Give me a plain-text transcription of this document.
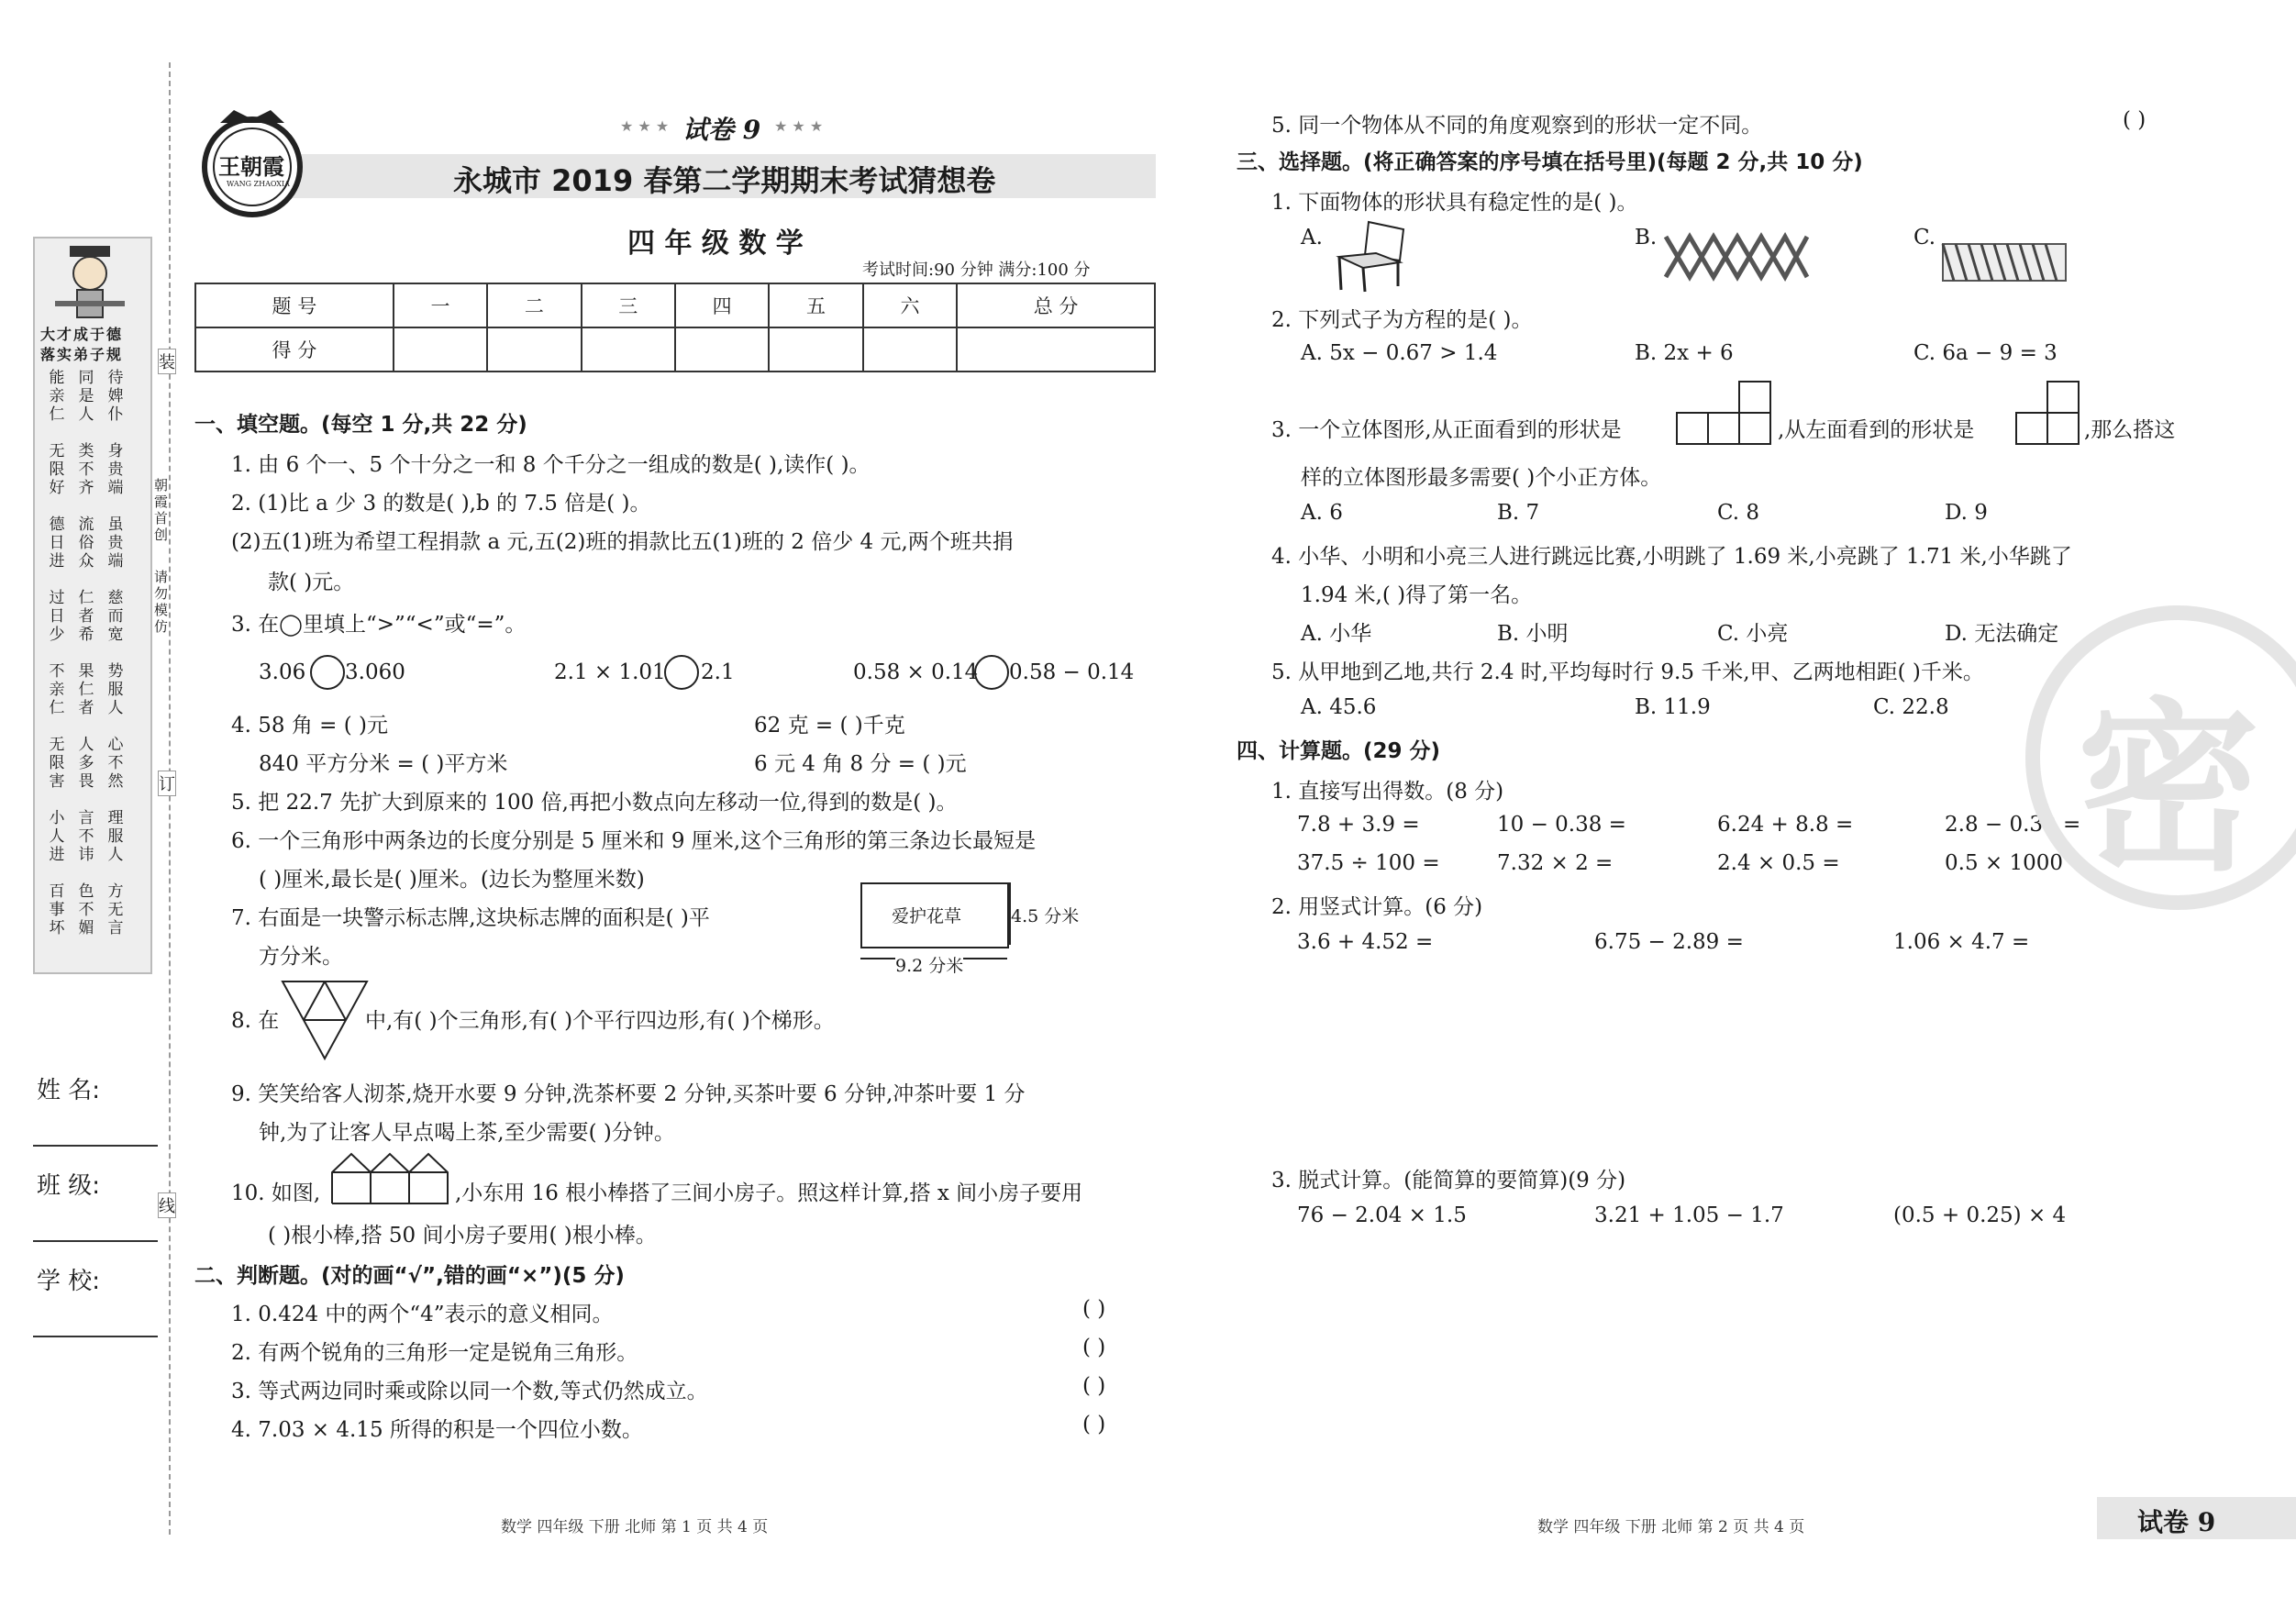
大才成于德
落实弟子规
能亲仁
同是人
待婢仆
无限好
类不齐
身贵端
德日进
流俗众
虽贵端
过日少
仁者希
慈而宽
不亲仁
果仁者
势服人
无限害
人多畏
心不然
小人进
言不讳
理服人
百事坏
色不媚
方无言
姓 名:
班 级:
学 校:
装
订
线
朝霞首创
请勿模仿
王朝霞
WANG ZHAOXIA
★ ★ ★ 试卷 9 ★ ★ ★
永城市 2019 春第二学期期末考试猜想卷
四 年 级 数 学
考试时间:90 分钟 满分:100 分
题 号	一	二	三	四	五	六	总 分
得 分							
一、填空题。(每空 1 分,共 22 分)
1. 由 6 个一、5 个十分之一和 8 个千分之一组成的数是( ),读作( )。
2. (1)比 a 少 3 的数是( ),b 的 7.5 倍是( )。
(2)五(1)班为希望工程捐款 a 元,五(2)班的捐款比五(1)班的 2 倍少 4 元,两个班共捐
款( )元。
3. 在◯里填上“>”“<”或“=”。
3.06 3.060	2.1 × 1.01 2.1	0.58 × 0.14 0.58 − 0.14
4. 58 角 = ( )元	62 克 = ( )千克
840 平方分米 = ( )平方米	6 元 4 角 8 分 = ( )元
5. 把 22.7 先扩大到原来的 100 倍,再把小数点向左移动一位,得到的数是( )。
6. 一个三角形中两条边的长度分别是 5 厘米和 9 厘米,这个三角形的第三条边长最短是
( )厘米,最长是( )厘米。(边长为整厘米数)
7. 右面是一块警示标志牌,这块标志牌的面积是( )平
方分米。
爱护花草	4.5 分米
9.2 分米
8. 在	中,有( )个三角形,有( )个平行四边形,有( )个梯形。
9. 笑笑给客人沏茶,烧开水要 9 分钟,洗茶杯要 2 分钟,买茶叶要 6 分钟,冲茶叶要 1 分
钟,为了让客人早点喝上茶,至少需要( )分钟。
10. 如图,	,小东用 16 根小棒搭了三间小房子。照这样计算,搭 x 间小房子要用
( )根小棒,搭 50 间小房子要用( )根小棒。
二、判断题。(对的画“√”,错的画“×”)(5 分)
1. 0.424 中的两个“4”表示的意义相同。	( )
2. 有两个锐角的三角形一定是锐角三角形。	( )
3. 等式两边同时乘或除以同一个数,等式仍然成立。	( )
4. 7.03 × 4.15 所得的积是一个四位小数。	( )
5. 同一个物体从不同的角度观察到的形状一定不同。	( )
三、选择题。(将正确答案的序号填在括号里)(每题 2 分,共 10 分)
1. 下面物体的形状具有稳定性的是( )。
A.	B.	C.
2. 下列式子为方程的是( )。
A. 5x − 0.67 > 1.4	B. 2x + 6	C. 6a − 9 = 3
3. 一个立体图形,从正面看到的形状是	,从左面看到的形状是	,那么搭这
样的立体图形最多需要( )个小正方体。
A. 6	B. 7	C. 8	D. 9
4. 小华、小明和小亮三人进行跳远比赛,小明跳了 1.69 米,小亮跳了 1.71 米,小华跳了
1.94 米,( )得了第一名。
A. 小华	B. 小明	C. 小亮	D. 无法确定
5. 从甲地到乙地,共行 2.4 时,平均每时行 9.5 千米,甲、乙两地相距( )千米。
A. 45.6	B. 11.9	C. 22.8
四、计算题。(29 分)
1. 直接写出得数。(8 分)
7.8 + 3.9 =	10 − 0.38 =	6.24 + 8.8 =	2.8 − 0.39 =
37.5 ÷ 100 =	7.32 × 2 =	2.4 × 0.5 =	0.5 × 1000 =
2. 用竖式计算。(6 分)
3.6 + 4.52 =	6.75 − 2.89 =	1.06 × 4.7 =
3. 脱式计算。(能简算的要简算)(9 分)
76 − 2.04 × 1.5	3.21 + 1.05 − 1.7	(0.5 + 0.25) × 4
密
数学 四年级 下册 北师 第 1 页 共 4 页	数学 四年级 下册 北师 第 2 页 共 4 页	试卷 9
